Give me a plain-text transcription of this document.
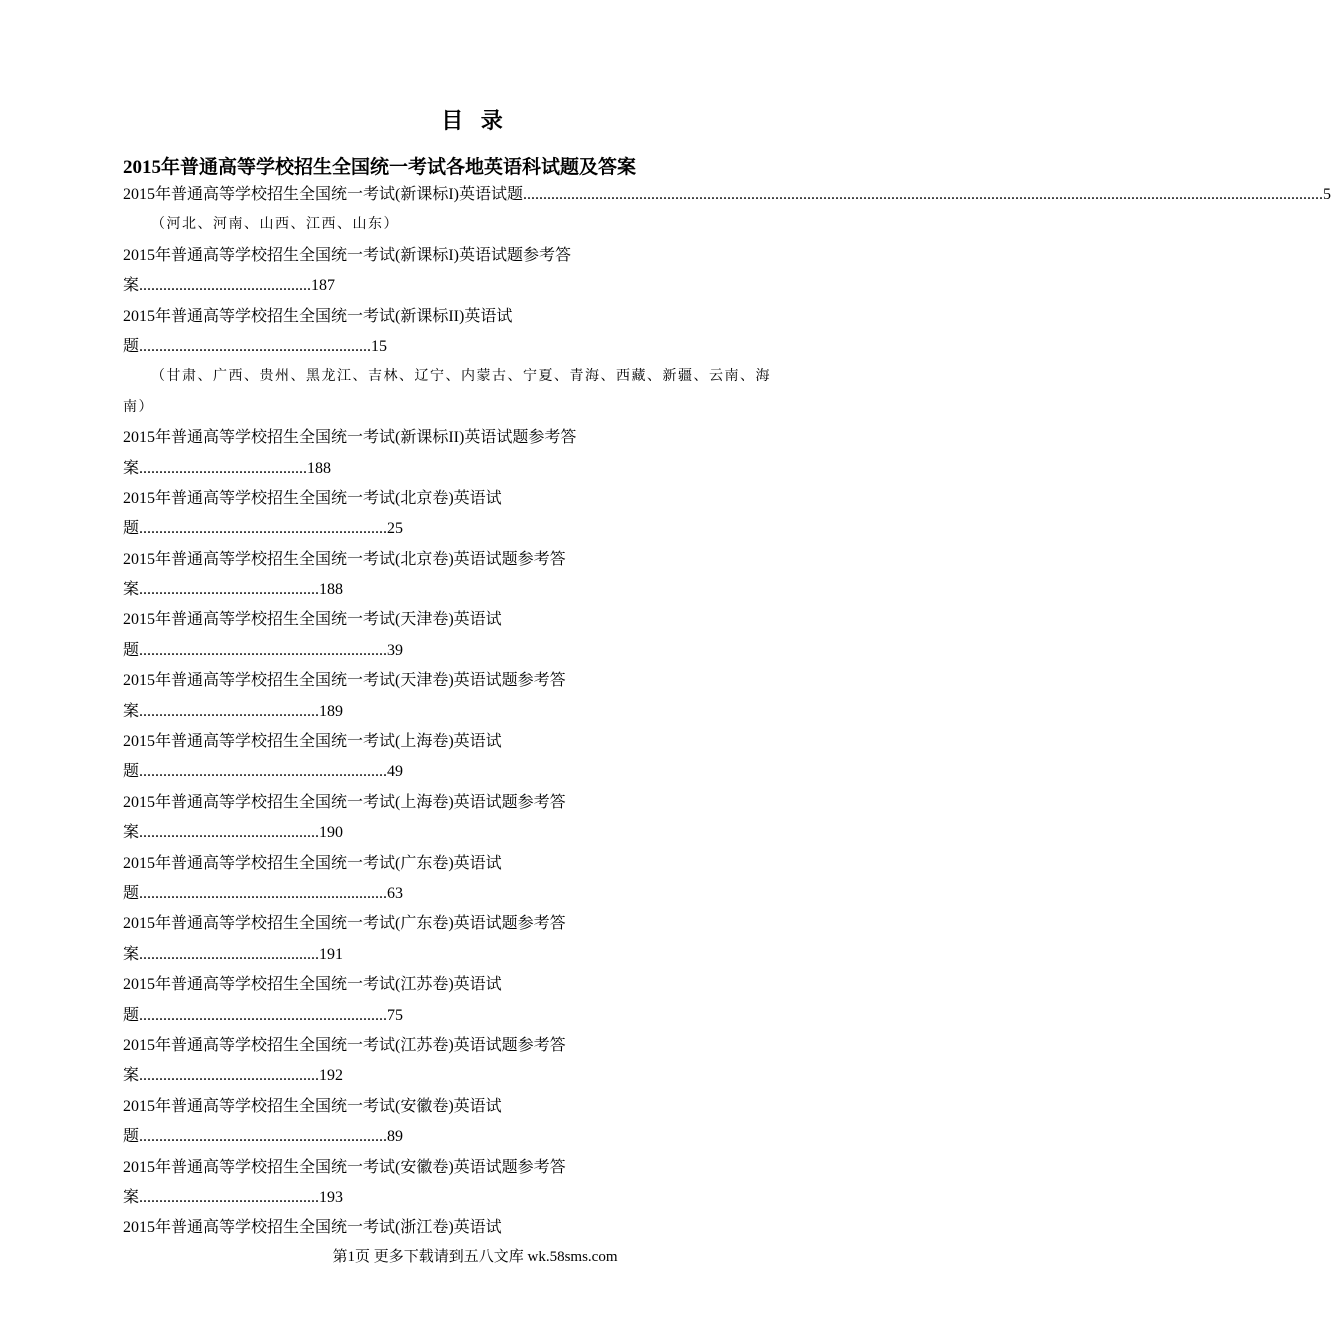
目 录
2015年普通高等学校招生全国统一考试各地英语科试题及答案
2015年普通高等学校招生全国统一考试(新课标I)英语试题 ........................................................................................................................................................................................................ 5
（河北、河南、山西、江西、山东）
2015年普通高等学校招生全国统一考试(新课标I)英语试题参考答
案 ........................................... 187
2015年普通高等学校招生全国统一考试(新课标II)英语试
题 .......................................................... 15
（甘肃、广西、贵州、黑龙江、吉林、辽宁、内蒙古、宁夏、青海、西藏、新疆、云南、海
南）
2015年普通高等学校招生全国统一考试(新课标II)英语试题参考答
案 .......................................... 188
2015年普通高等学校招生全国统一考试(北京卷)英语试
题 .............................................................. 25
2015年普通高等学校招生全国统一考试(北京卷)英语试题参考答
案 ............................................. 188
2015年普通高等学校招生全国统一考试(天津卷)英语试
题 .............................................................. 39
2015年普通高等学校招生全国统一考试(天津卷)英语试题参考答
案 ............................................. 189
2015年普通高等学校招生全国统一考试(上海卷)英语试
题 .............................................................. 49
2015年普通高等学校招生全国统一考试(上海卷)英语试题参考答
案 ............................................. 190
2015年普通高等学校招生全国统一考试(广东卷)英语试
题 .............................................................. 63
2015年普通高等学校招生全国统一考试(广东卷)英语试题参考答
案 ............................................. 191
2015年普通高等学校招生全国统一考试(江苏卷)英语试
题 .............................................................. 75
2015年普通高等学校招生全国统一考试(江苏卷)英语试题参考答
案 ............................................. 192
2015年普通高等学校招生全国统一考试(安徽卷)英语试
题 .............................................................. 89
2015年普通高等学校招生全国统一考试(安徽卷)英语试题参考答
案 ............................................. 193
2015年普通高等学校招生全国统一考试(浙江卷)英语试
第1页 更多下载请到五八文库 wk.58sms.com
